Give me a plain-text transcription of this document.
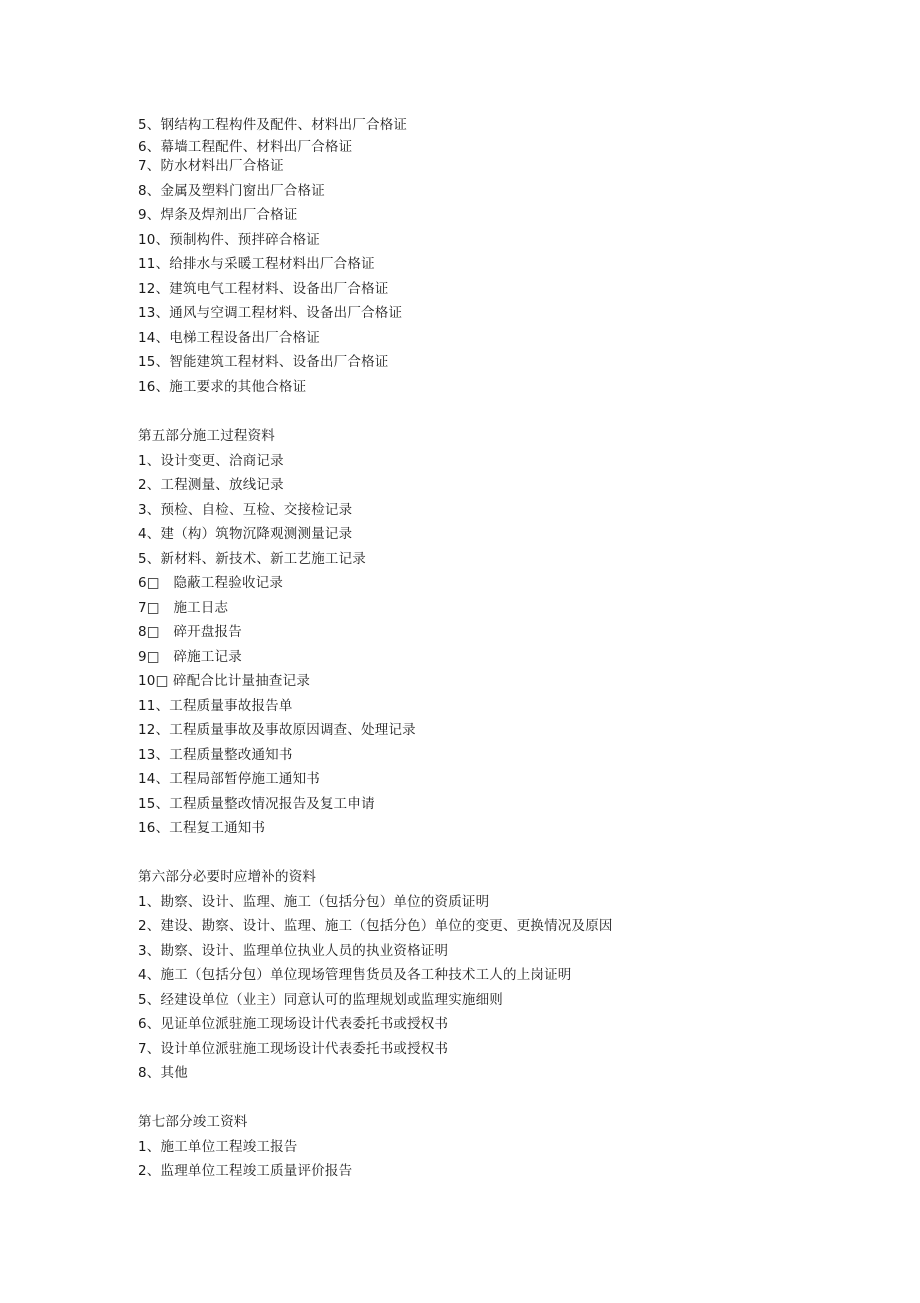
5、钢结构工程构件及配件、材料出厂合格证
6、幕墙工程配件、材料出厂合格证
7、防水材料出厂合格证
8、金属及塑料门窗出厂合格证
9、焊条及焊剂出厂合格证
10、预制构件、预拌碎合格证
11、给排水与采暖工程材料出厂合格证
12、建筑电气工程材料、设备出厂合格证
13、通风与空调工程材料、设备出厂合格证
14、电梯工程设备出厂合格证
15、智能建筑工程材料、设备出厂合格证
16、施工要求的其他合格证
第五部分施工过程资料
1、设计变更、洽商记录
2、工程测量、放线记录
3、预检、自检、互检、交接检记录
4、建（构）筑物沉降观测测量记录
5、新材料、新技术、新工艺施工记录
6□　隐蔽工程验收记录
7□　施工日志
8□　碎开盘报告
9□　碎施工记录
10□ 碎配合比计量抽查记录
11、工程质量事故报告单
12、工程质量事故及事故原因调查、处理记录
13、工程质量整改通知书
14、工程局部暂停施工通知书
15、工程质量整改情况报告及复工申请
16、工程复工通知书
第六部分必要时应增补的资料
1、勘察、设计、监理、施工（包括分包）单位的资质证明
2、建设、勘察、设计、监理、施工（包括分色）单位的变更、更换情况及原因
3、勘察、设计、监理单位执业人员的执业资格证明
4、施工（包括分包）单位现场管理售货员及各工种技术工人的上岗证明
5、经建设单位（业主）同意认可的监理规划或监理实施细则
6、见证单位派驻施工现场设计代表委托书或授权书
7、设计单位派驻施工现场设计代表委托书或授权书
8、其他
第七部分竣工资料
1、施工单位工程竣工报告
2、监理单位工程竣工质量评价报告
